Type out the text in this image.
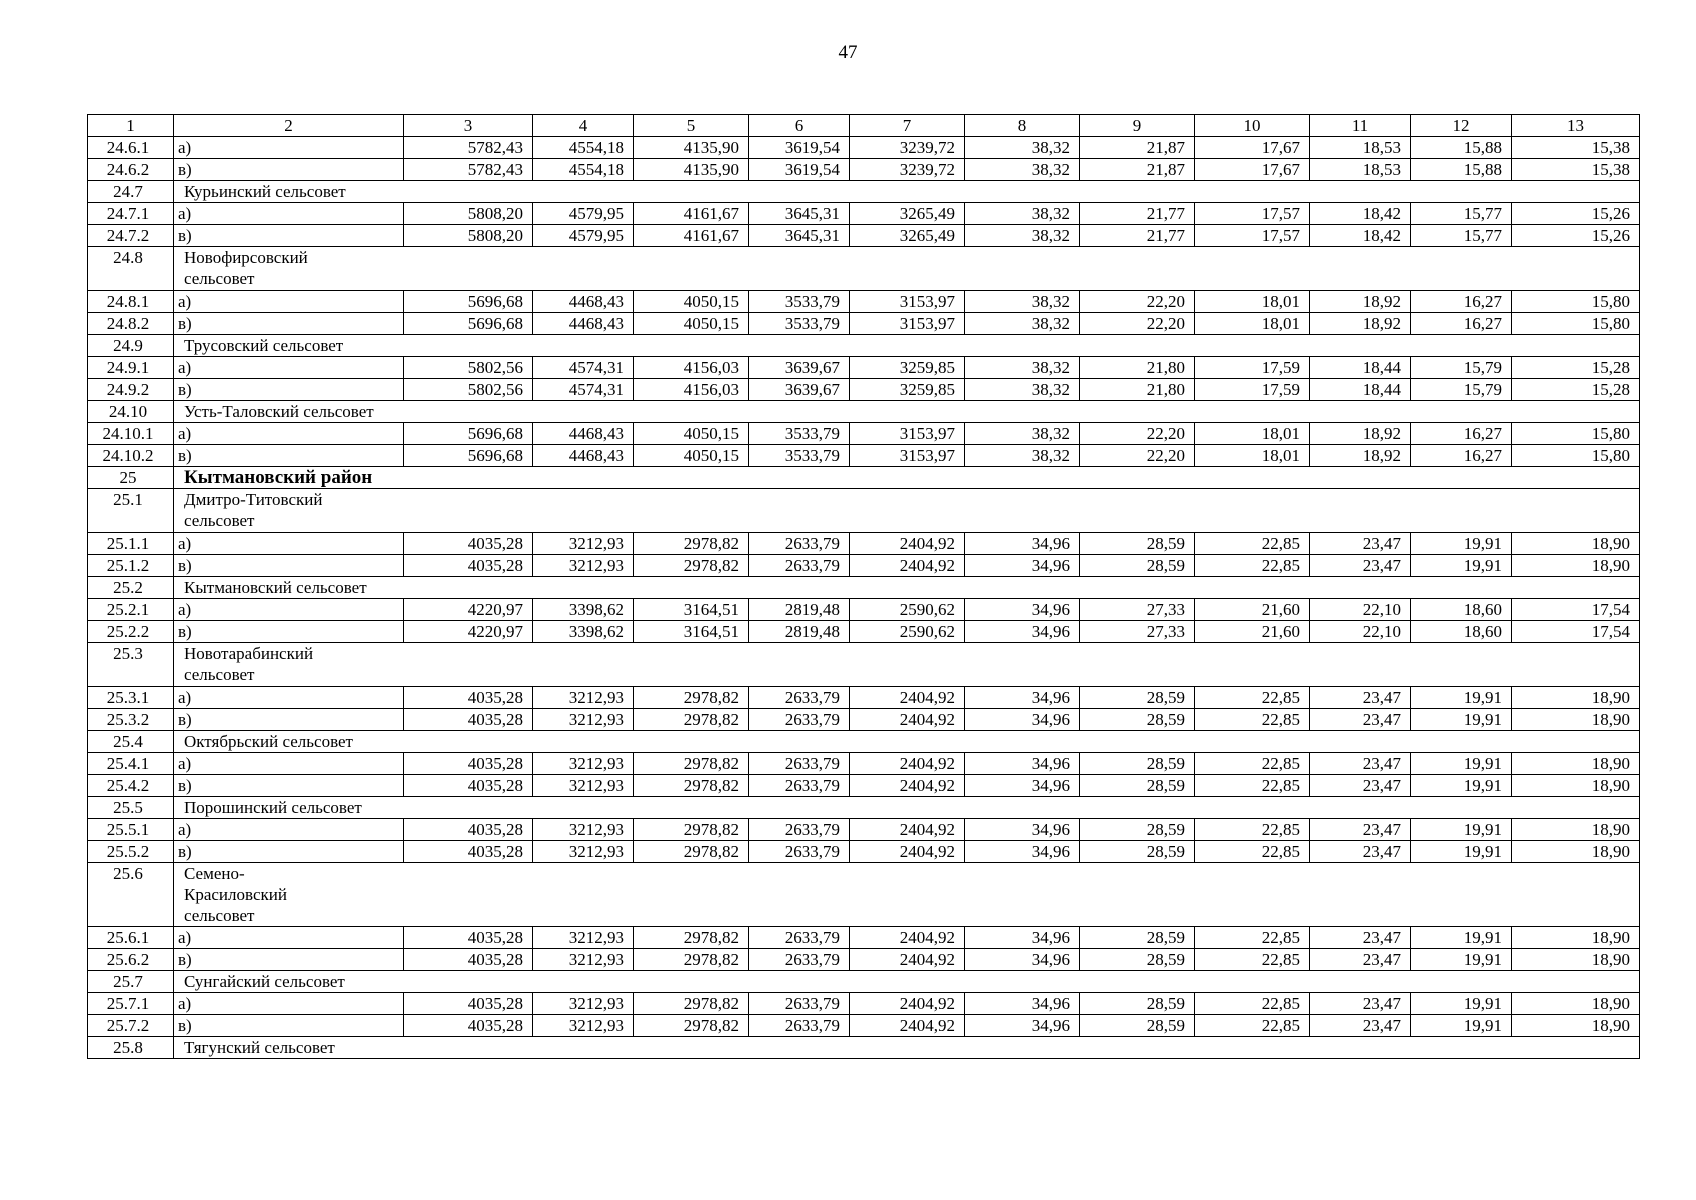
47
1	2	3	4	5	6	7	8	9	10	11	12	13
24.6.1	а)	5782,43	4554,18	4135,90	3619,54	3239,72	38,32	21,87	17,67	18,53	15,88	15,38
24.6.2	в)	5782,43	4554,18	4135,90	3619,54	3239,72	38,32	21,87	17,67	18,53	15,88	15,38
24.7	Курьинский сельсовет											
24.7.1	а)	5808,20	4579,95	4161,67	3645,31	3265,49	38,32	21,77	17,57	18,42	15,77	15,26
24.7.2	в)	5808,20	4579,95	4161,67	3645,31	3265,49	38,32	21,77	17,57	18,42	15,77	15,26
24.8	Новофирсовский сельсовет											
24.8.1	а)	5696,68	4468,43	4050,15	3533,79	3153,97	38,32	22,20	18,01	18,92	16,27	15,80
24.8.2	в)	5696,68	4468,43	4050,15	3533,79	3153,97	38,32	22,20	18,01	18,92	16,27	15,80
24.9	Трусовский сельсовет											
24.9.1	а)	5802,56	4574,31	4156,03	3639,67	3259,85	38,32	21,80	17,59	18,44	15,79	15,28
24.9.2	в)	5802,56	4574,31	4156,03	3639,67	3259,85	38,32	21,80	17,59	18,44	15,79	15,28
24.10	Усть-Таловский сельсовет											
24.10.1	а)	5696,68	4468,43	4050,15	3533,79	3153,97	38,32	22,20	18,01	18,92	16,27	15,80
24.10.2	в)	5696,68	4468,43	4050,15	3533,79	3153,97	38,32	22,20	18,01	18,92	16,27	15,80
25	Кытмановский район											
25.1	Дмитро-Титовский сельсовет											
25.1.1	а)	4035,28	3212,93	2978,82	2633,79	2404,92	34,96	28,59	22,85	23,47	19,91	18,90
25.1.2	в)	4035,28	3212,93	2978,82	2633,79	2404,92	34,96	28,59	22,85	23,47	19,91	18,90
25.2	Кытмановский сельсовет											
25.2.1	а)	4220,97	3398,62	3164,51	2819,48	2590,62	34,96	27,33	21,60	22,10	18,60	17,54
25.2.2	в)	4220,97	3398,62	3164,51	2819,48	2590,62	34,96	27,33	21,60	22,10	18,60	17,54
25.3	Новотарабинский сельсовет											
25.3.1	а)	4035,28	3212,93	2978,82	2633,79	2404,92	34,96	28,59	22,85	23,47	19,91	18,90
25.3.2	в)	4035,28	3212,93	2978,82	2633,79	2404,92	34,96	28,59	22,85	23,47	19,91	18,90
25.4	Октябрьский сельсовет											
25.4.1	а)	4035,28	3212,93	2978,82	2633,79	2404,92	34,96	28,59	22,85	23,47	19,91	18,90
25.4.2	в)	4035,28	3212,93	2978,82	2633,79	2404,92	34,96	28,59	22,85	23,47	19,91	18,90
25.5	Порошинский сельсовет											
25.5.1	а)	4035,28	3212,93	2978,82	2633,79	2404,92	34,96	28,59	22,85	23,47	19,91	18,90
25.5.2	в)	4035,28	3212,93	2978,82	2633,79	2404,92	34,96	28,59	22,85	23,47	19,91	18,90
25.6	Семено-Красиловский сельсовет											
25.6.1	а)	4035,28	3212,93	2978,82	2633,79	2404,92	34,96	28,59	22,85	23,47	19,91	18,90
25.6.2	в)	4035,28	3212,93	2978,82	2633,79	2404,92	34,96	28,59	22,85	23,47	19,91	18,90
25.7	Сунгайский сельсовет											
25.7.1	а)	4035,28	3212,93	2978,82	2633,79	2404,92	34,96	28,59	22,85	23,47	19,91	18,90
25.7.2	в)	4035,28	3212,93	2978,82	2633,79	2404,92	34,96	28,59	22,85	23,47	19,91	18,90
25.8	Тягунский сельсовет											
